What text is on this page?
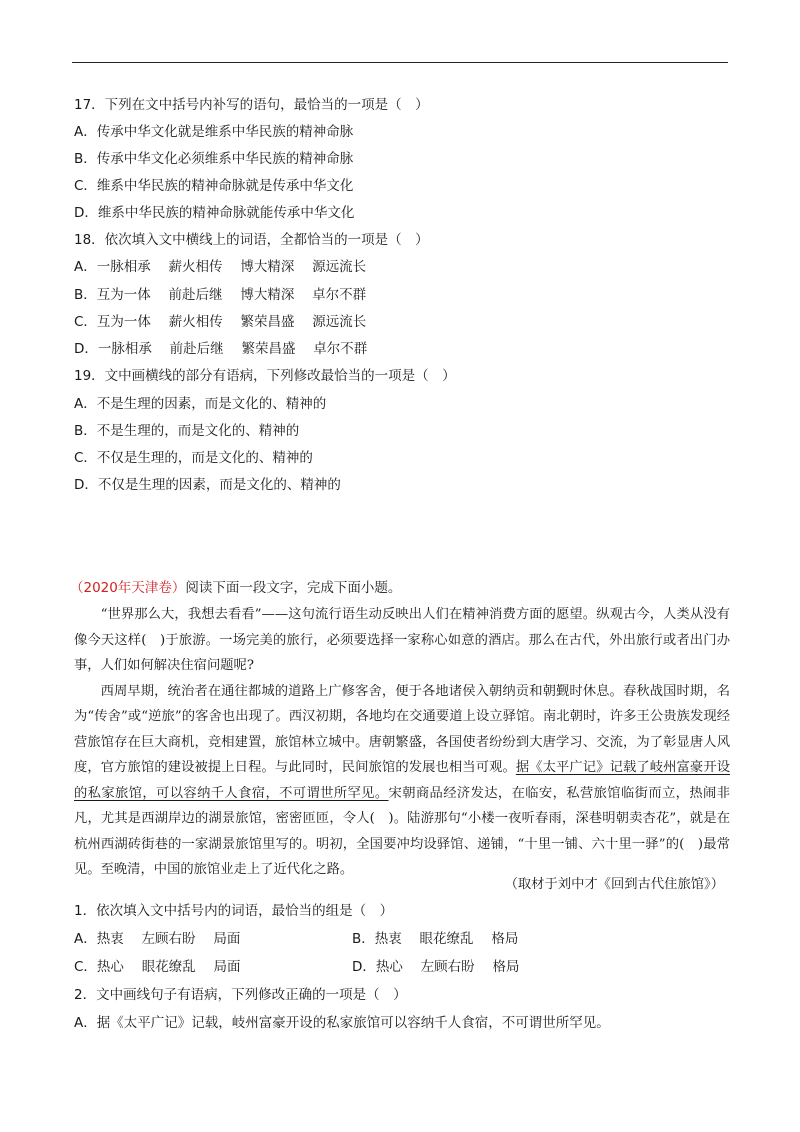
17．下列在文中括号内补写的语句，最恰当的一项是（　）
A．传承中华文化就是维系中华民族的精神命脉
B．传承中华文化必须维系中华民族的精神命脉
C．维系中华民族的精神命脉就是传承中华文化
D．维系中华民族的精神命脉就能传承中华文化
18．依次填入文中横线上的词语，全都恰当的一项是（　）
A．一脉相承　 薪火相传　 博大精深　 源远流长
B．互为一体　 前赴后继　 博大精深　 卓尔不群
C．互为一体　 薪火相传　 繁荣昌盛　 源远流长
D．一脉相承　 前赴后继　 繁荣昌盛　 卓尔不群
19．文中画横线的部分有语病，下列修改最恰当的一项是（　）
A．不是生理的因素，而是文化的、精神的
B．不是生理的，而是文化的、精神的
C．不仅是生理的，而是文化的、精神的
D．不仅是生理的因素，而是文化的、精神的
（2020年天津卷）阅读下面一段文字，完成下面小题。

“世界那么大，我想去看看”——这句流行语生动反映出人们在精神消费方面的愿望。纵观古今，人类从没有像今天这样(　)于旅游。一场完美的旅行，必须要选择一家称心如意的酒店。那么在古代，外出旅行或者出门办事，人们如何解决住宿问题呢?

西周早期，统治者在通往都城的道路上广修客舍，便于各地诸侯入朝纳贡和朝觐时休息。春秋战国时期，名为“传舍”或“逆旅”的客舍也出现了。西汉初期，各地均在交通要道上设立驿馆。南北朝时，许多王公贵族发现经营旅馆存在巨大商机，竞相建置，旅馆林立城中。唐朝繁盛，各国使者纷纷到大唐学习、交流，为了彰显唐人风度，官方旅馆的建设被提上日程。与此同时，民间旅馆的发展也相当可观。据《太平广记》记载了岐州富豪开设的私家旅馆，可以容纳千人食宿，不可谓世所罕见。宋朝商品经济发达，在临安，私营旅馆临街而立，热闹非凡，尤其是西湖岸边的湖景旅馆，密密匝匝，令人(　)。陆游那句“小楼一夜听春雨，深巷明朝卖杏花”，就是在杭州西湖砖街巷的一家湖景旅馆里写的。明初，全国要冲均设驿馆、递铺，“十里一铺、六十里一驿”的(　)最常见。至晚清，中国的旅馆业走上了近代化之路。

（取材于刘中才《回到古代住旅馆》）
1．依次填入文中括号内的词语，最恰当的组是（　）
A．热衷　 左顾右盼　 局面	B．热衷　 眼花缭乱　 格局
C．热心　 眼花缭乱　 局面	D．热心　 左顾右盼　 格局
2．文中画线句子有语病，下列修改正确的一项是（　）
A．据《太平广记》记载，岐州富豪开设的私家旅馆可以容纳千人食宿，不可谓世所罕见。
